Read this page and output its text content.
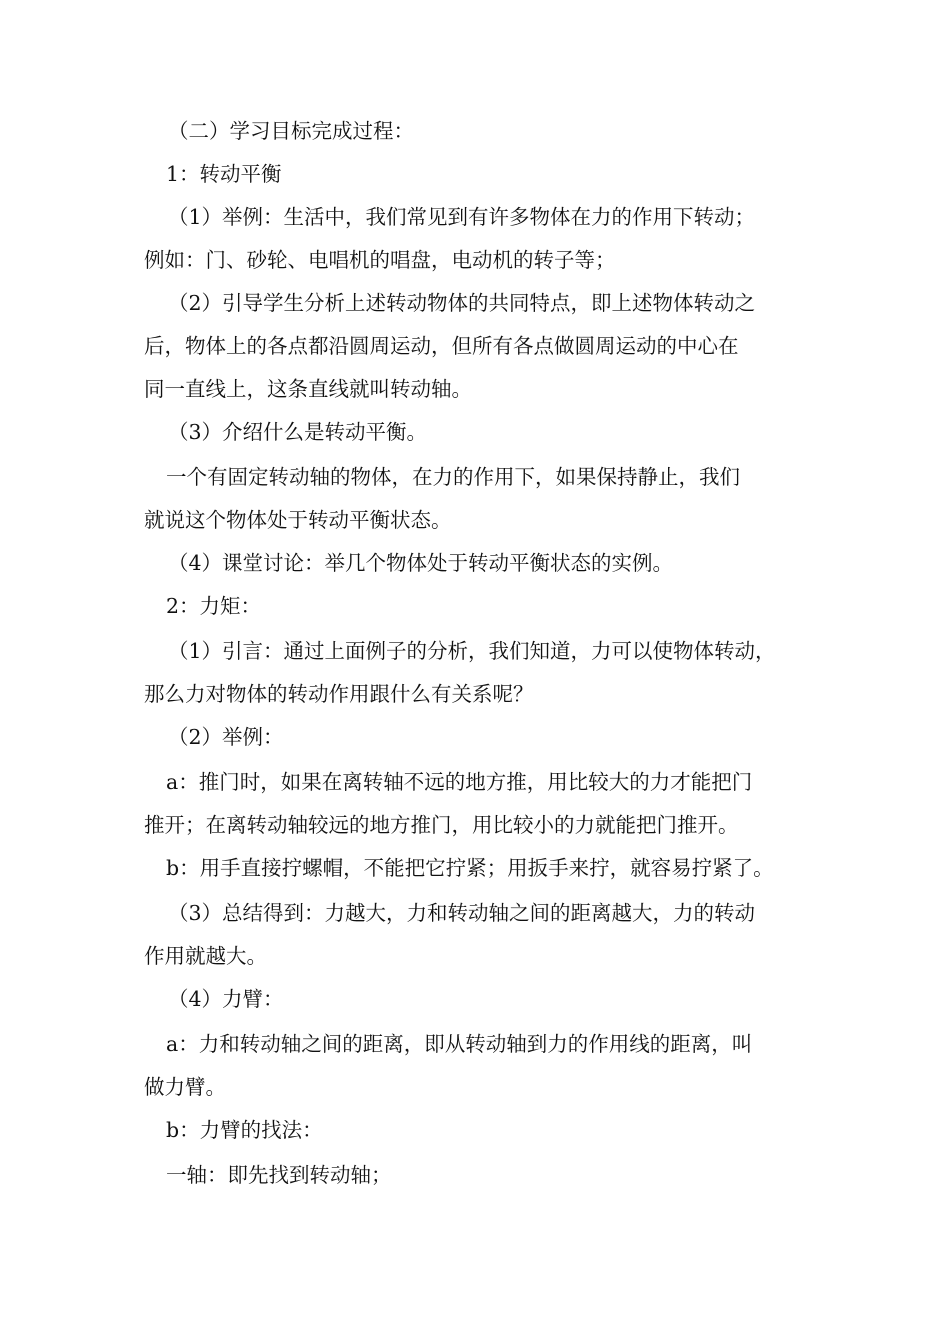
（二）学习目标完成过程：
1：转动平衡
（1）举例：生活中，我们常见到有许多物体在力的作用下转动；
例如：门、砂轮、电唱机的唱盘，电动机的转子等；
（2）引导学生分析上述转动物体的共同特点，即上述物体转动之
后，物体上的各点都沿圆周运动，但所有各点做圆周运动的中心在
同一直线上，这条直线就叫转动轴。
（3）介绍什么是转动平衡。
一个有固定转动轴的物体，在力的作用下，如果保持静止，我们
就说这个物体处于转动平衡状态。
（4）课堂讨论：举几个物体处于转动平衡状态的实例。
2：力矩：
（1）引言：通过上面例子的分析，我们知道，力可以使物体转动，
那么力对物体的转动作用跟什么有关系呢？
（2）举例：
a：推门时，如果在离转轴不远的地方推，用比较大的力才能把门
推开；在离转动轴较远的地方推门，用比较小的力就能把门推开。
b：用手直接拧螺帽，不能把它拧紧；用扳手来拧，就容易拧紧了。
（3）总结得到：力越大，力和转动轴之间的距离越大，力的转动
作用就越大。
（4）力臂：
a：力和转动轴之间的距离，即从转动轴到力的作用线的距离，叫
做力臂。
b：力臂的找法：
一轴：即先找到转动轴；
